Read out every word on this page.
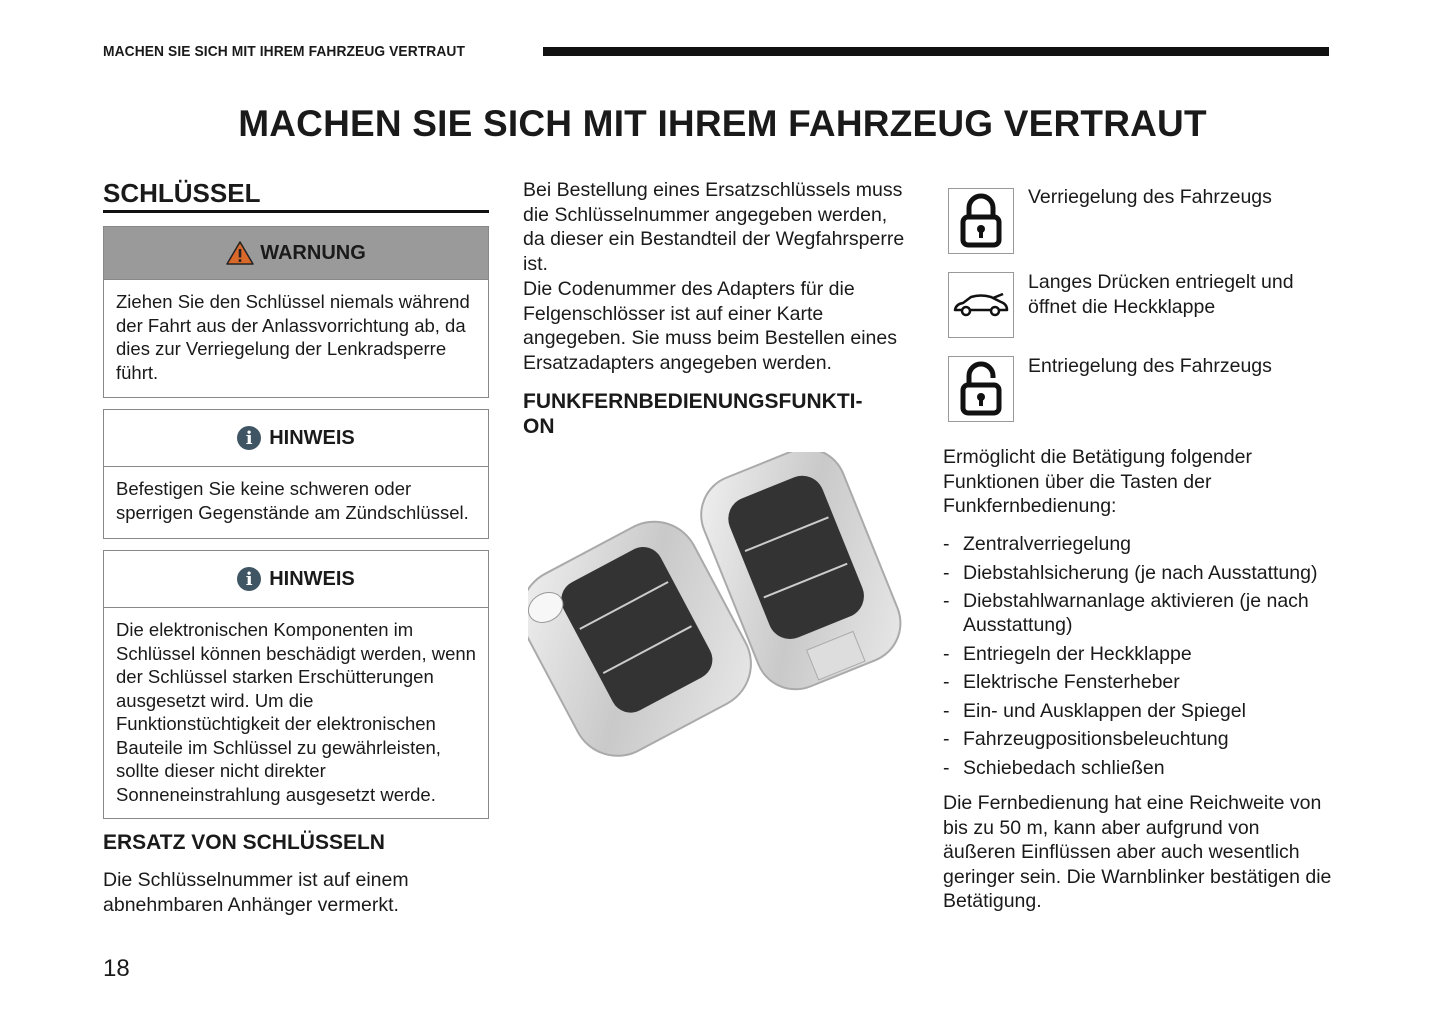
MACHEN SIE SICH MIT IHREM FAHRZEUG VERTRAUT
MACHEN SIE SICH MIT IHREM FAHRZEUG VERTRAUT
SCHLÜSSEL
WARNUNG
Ziehen Sie den Schlüssel niemals während der Fahrt aus der Anlassvorrichtung ab, da dies zur Verriegelung der Lenkradsperre führt.
i HINWEIS
Befestigen Sie keine schweren oder sperrigen Gegenstände am Zündschlüssel.
i HINWEIS
Die elektronischen Komponenten im Schlüssel können beschädigt werden, wenn der Schlüssel starken Erschütterungen ausgesetzt wird. Um die Funktionstüchtigkeit der elektronischen Bauteile im Schlüssel zu gewährleisten, sollte dieser nicht direkter Sonneneinstrahlung ausgesetzt werde.
ERSATZ VON SCHLÜSSELN
Die Schlüsselnummer ist auf einem abnehmbaren Anhänger vermerkt.
Bei Bestellung eines Ersatzschlüssels muss die Schlüsselnummer angegeben werden, da dieser ein Bestandteil der Wegfahrsperre ist.
Die Codenummer des Adapters für die Felgenschlösser ist auf einer Karte angegeben. Sie muss beim Bestellen eines Ersatzadapters angegeben werden.
FUNKFERNBEDIENUNGSFUNKTI-
ON
Verriegelung des Fahrzeugs
Langes Drücken entriegelt und öffnet die Heckklappe
Entriegelung des Fahrzeugs
Ermöglicht die Betätigung folgender Funktionen über die Tasten der Funkfernbedienung:
- Zentralverriegelung
- Diebstahlsicherung (je nach Ausstattung)
- Diebstahlwarnanlage aktivieren (je nach Ausstattung)
- Entriegeln der Heckklappe
- Elektrische Fensterheber
- Ein- und Ausklappen der Spiegel
- Fahrzeugpositionsbeleuchtung
- Schiebedach schließen
Die Fernbedienung hat eine Reichweite von bis zu 50 m, kann aber aufgrund von äußeren Einflüssen aber auch wesentlich geringer sein. Die Warnblinker bestätigen die Betätigung.
18
